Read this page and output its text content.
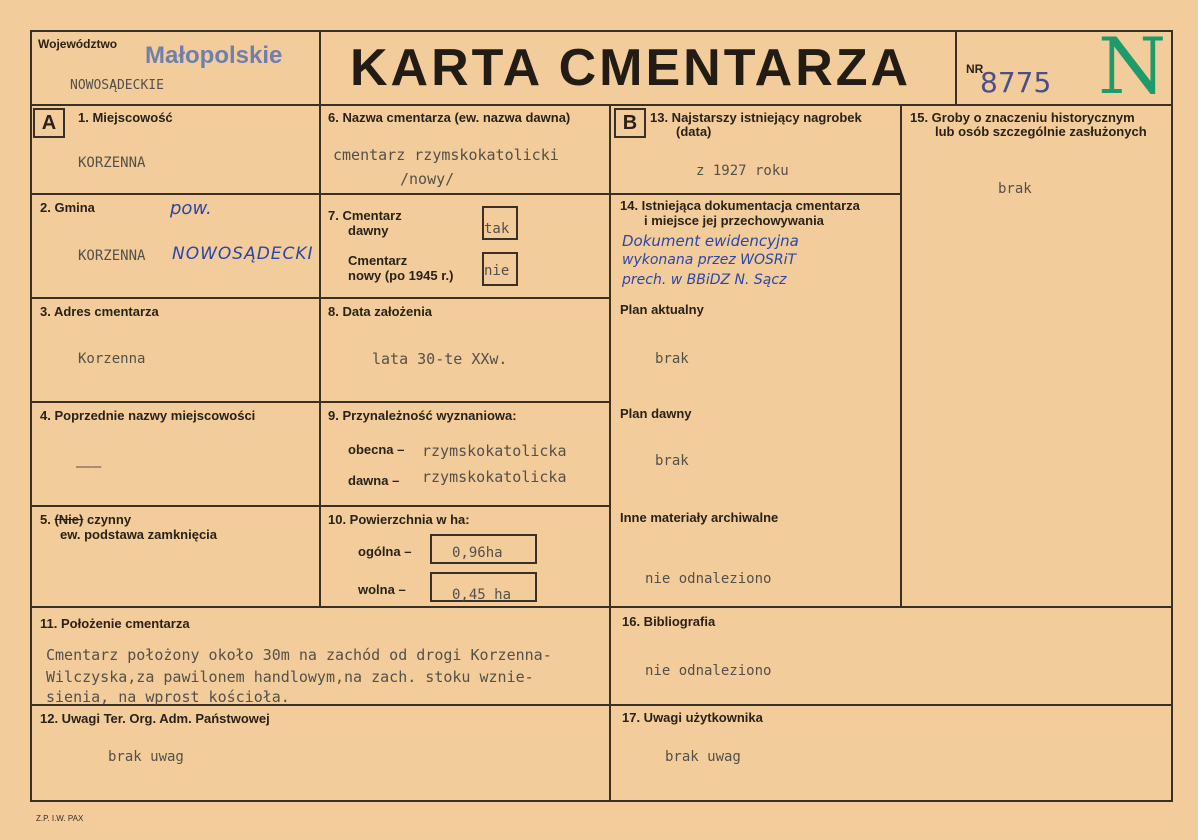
Województwo Małopolskie
NOWOSĄDECKIE	KARTA CMENTARZA	NR
8775 N
A	1. Miejscowość
KORZENNA
2. Gmina	pow.
KORZENNA NOWOSĄDECKI
3. Adres cmentarza
Korzenna
4. Poprzednie nazwy miejscowości
———
5. (Nie) czynny
ew. podstawa zamknięcia
6. Nazwa cmentarza (ew. nazwa dawna)
cmentarz rzymskokatolicki
/nowy/
7. Cmentarz
dawny	tak
Cmentarz
nowy (po 1945 r.) nie
8. Data założenia
lata 30-te XXw.
9. Przynależność wyznaniowa:
obecna – rzymskokatolicka
dawna – rzymskokatolicka
10. Powierzchnia w ha:
ogólna –	0,96ha
wolna –	0,45 ha
B 13. Najstarszy istniejący nagrobek
(data)
z 1927 roku
14. Istniejąca dokumentacja cmentarza
i miejsce jej przechowywania
Dokument ewidencyjna
wykonana przez WOSRiT
prech. w BBiDZ N. Sącz
Plan aktualny
brak
Plan dawny
brak
Inne materiały archiwalne
nie odnaleziono
15. Groby o znaczeniu historycznym
lub osób szczególnie zasłużonych
brak
11. Położenie cmentarza
Cmentarz położony około 30m na zachód od drogi Korzenna-
Wilczyska,za pawilonem handlowym,na zach. stoku wznie-
sienia, na wprost kościoła.
16. Bibliografia
nie odnaleziono
12. Uwagi Ter. Org. Adm. Państwowej
brak uwag
17. Uwagi użytkownika
brak uwag
Z.P. I.W. PAX
